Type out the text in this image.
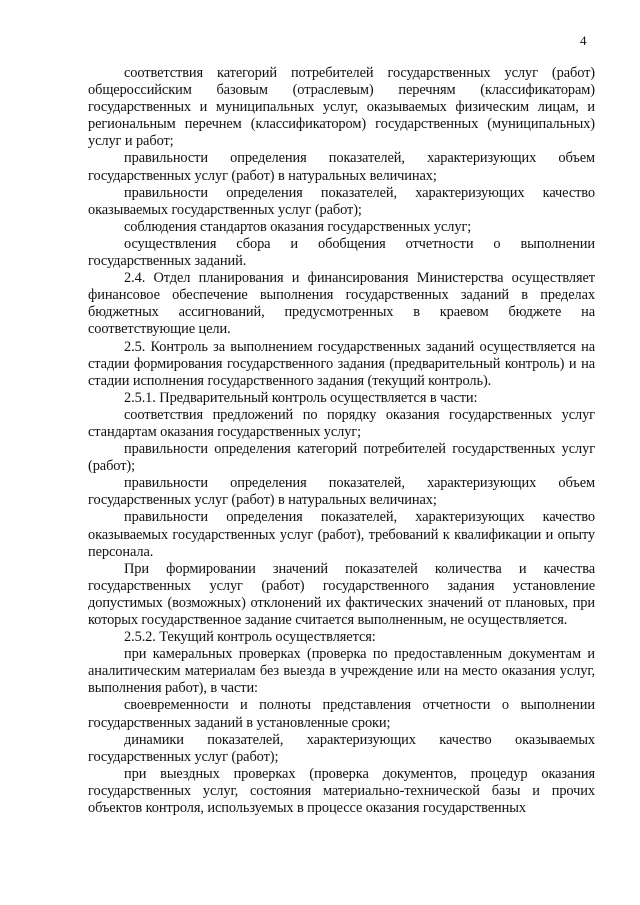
4

соответствия категорий потребителей государственных услуг (работ) общероссийским базовым (отраслевым) перечням (классификаторам) государственных и муниципальных услуг, оказываемых физическим лицам, и региональным перечнем (классификатором) государственных (муниципальных) услуг и работ;

правильности определения показателей, характеризующих объем государственных услуг (работ) в натуральных величинах;

правильности определения показателей, характеризующих качество оказываемых государственных услуг (работ);

соблюдения стандартов оказания государственных услуг;

осуществления сбора и обобщения отчетности о выполнении государственных заданий.

2.4. Отдел планирования и финансирования Министерства осуществляет финансовое обеспечение выполнения государственных заданий в пределах бюджетных ассигнований, предусмотренных в краевом бюджете на соответствующие цели.

2.5. Контроль за выполнением государственных заданий осуществляется на стадии формирования государственного задания (предварительный контроль) и на стадии исполнения государственного задания (текущий контроль).

2.5.1. Предварительный контроль осуществляется в части:

соответствия предложений по порядку оказания государственных услуг стандартам оказания государственных услуг;

правильности определения категорий потребителей государственных услуг (работ);

правильности определения показателей, характеризующих объем государственных услуг (работ) в натуральных величинах;

правильности определения показателей, характеризующих качество оказываемых государственных услуг (работ), требований к квалификации и опыту персонала.

При формировании значений показателей количества и качества государственных услуг (работ) государственного задания установление допустимых (возможных) отклонений их фактических значений от плановых, при которых государственное задание считается выполненным, не осуществляется.

2.5.2. Текущий контроль осуществляется:

при камеральных проверках (проверка по предоставленным документам и аналитическим материалам без выезда в учреждение или на место оказания услуг, выполнения работ), в части:

своевременности и полноты представления отчетности о выполнении государственных заданий в установленные сроки;

динамики показателей, характеризующих качество оказываемых государственных услуг (работ);

при выездных проверках (проверка документов, процедур оказания государственных услуг, состояния материально-технической базы и прочих объектов контроля, используемых в процессе оказания государственных
